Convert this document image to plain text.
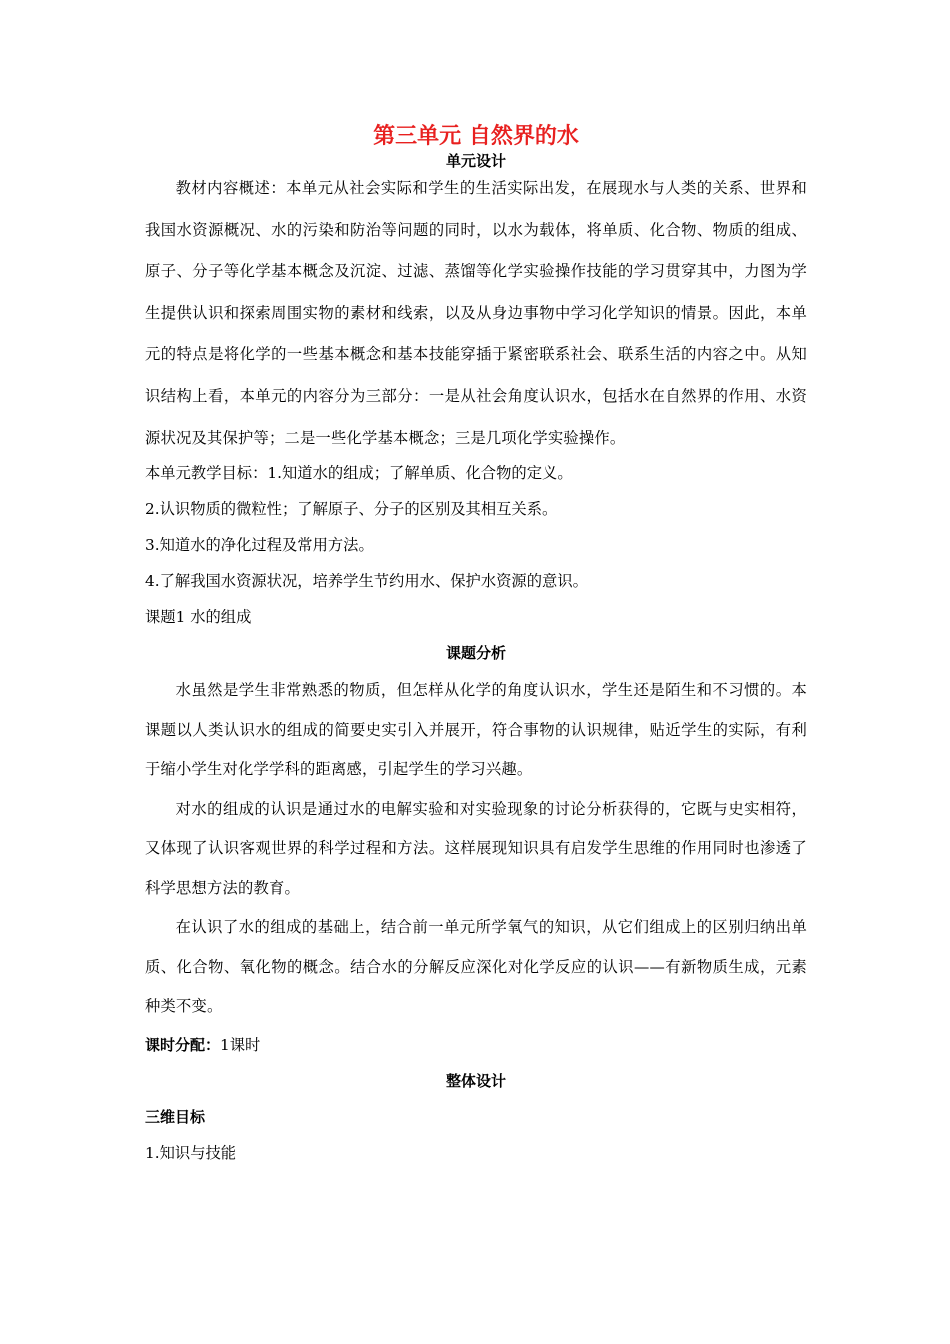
第三单元 自然界的水
单元设计

教材内容概述：本单元从社会实际和学生的生活实际出发，在展现水与人类的关系、世界和我国水资源概况、水的污染和防治等问题的同时，以水为载体，将单质、化合物、物质的组成、原子、分子等化学基本概念及沉淀、过滤、蒸馏等化学实验操作技能的学习贯穿其中，力图为学生提供认识和探索周围实物的素材和线索，以及从身边事物中学习化学知识的情景。因此，本单元的特点是将化学的一些基本概念和基本技能穿插于紧密联系社会、联系生活的内容之中。从知识结构上看，本单元的内容分为三部分：一是从社会角度认识水，包括水在自然界的作用、水资源状况及其保护等；二是一些化学基本概念；三是几项化学实验操作。

本单元教学目标：1.知道水的组成；了解单质、化合物的定义。

2.认识物质的微粒性；了解原子、分子的区别及其相互关系。

3.知道水的净化过程及常用方法。

4.了解我国水资源状况，培养学生节约用水、保护水资源的意识。

课题1 水的组成

课题分析

水虽然是学生非常熟悉的物质，但怎样从化学的角度认识水，学生还是陌生和不习惯的。本课题以人类认识水的组成的简要史实引入并展开，符合事物的认识规律，贴近学生的实际，有利于缩小学生对化学学科的距离感，引起学生的学习兴趣。

对水的组成的认识是通过水的电解实验和对实验现象的讨论分析获得的，它既与史实相符，又体现了认识客观世界的科学过程和方法。这样展现知识具有启发学生思维的作用同时也渗透了科学思想方法的教育。

在认识了水的组成的基础上，结合前一单元所学氧气的知识，从它们组成上的区别归纳出单质、化合物、氧化物的概念。结合水的分解反应深化对化学反应的认识——有新物质生成，元素种类不变。

课时分配：1课时

整体设计

三维目标

1.知识与技能
